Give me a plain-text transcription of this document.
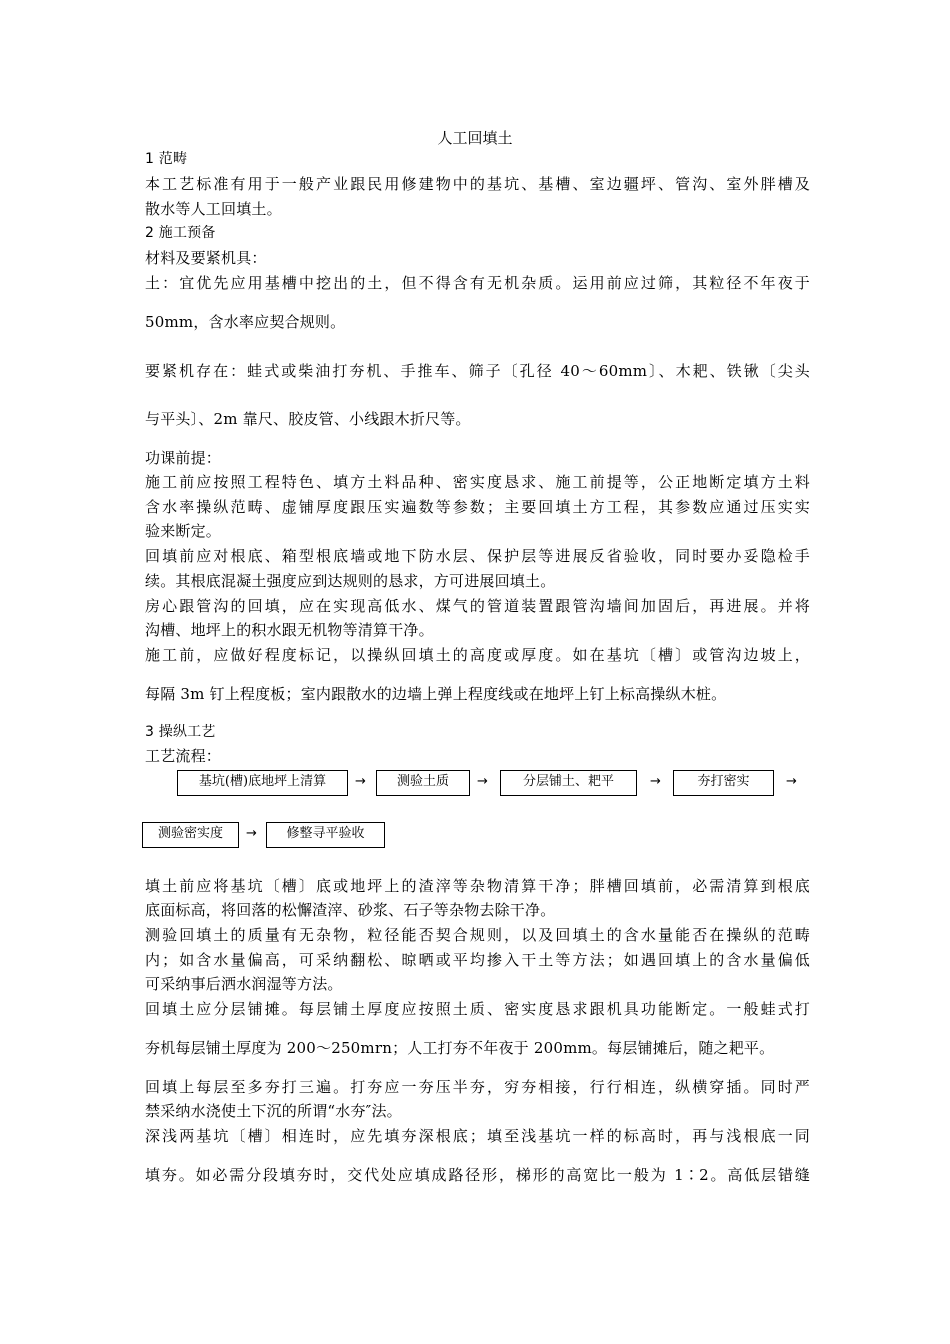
人工回填土
1 范畴
本工艺标准有用于一般产业跟民用修建物中的基坑、基槽、室边疆坪、管沟、室外胖槽及
散水等人工回填土。
2 施工预备
材料及要紧机具：
土：宜优先应用基槽中挖出的土，但不得含有无机杂质。运用前应过筛，其粒径不年夜于
50mm，含水率应契合规则。
要紧机存在：蛙式或柴油打夯机、手推车、筛子〔孔径 40～60mm〕、木耙、铁锹〔尖头
与平头〕、2m 靠尺、胶皮管、小线跟木折尺等。
功课前提：
施工前应按照工程特色、填方土料品种、密实度恳求、施工前提等，公正地断定填方土料
含水率操纵范畴、虚铺厚度跟压实遍数等参数；主要回填土方工程，其参数应通过压实实
验来断定。
回填前应对根底、箱型根底墙或地下防水层、保护层等进展反省验收，同时要办妥隐检手
续。其根底混凝土强度应到达规则的恳求，方可进展回填土。
房心跟管沟的回填，应在实现高低水、煤气的管道装置跟管沟墙间加固后，再进展。并将
沟槽、地坪上的积水跟无机物等清算干净。
施工前，应做好程度标记，以操纵回填土的高度或厚度。如在基坑〔槽〕或管沟边坡上，
每隔 3m 钉上程度板；室内跟散水的边墙上弹上程度线或在地坪上钉上标高操纵木桩。
3 操纵工艺
工艺流程：
基坑(槽)底地坪上清算	→	测验土质	→	分层铺土、耙平	→	夯打密实	→
测验密实度	→	修整寻平验收
填土前应将基坑〔槽〕底或地坪上的渣滓等杂物清算干净；胖槽回填前，必需清算到根底
底面标高，将回落的松懈渣滓、砂浆、石子等杂物去除干净。
测验回填土的质量有无杂物，粒径能否契合规则，以及回填土的含水量能否在操纵的范畴
内；如含水量偏高，可采纳翻松、晾晒或平均掺入干土等方法；如遇回填上的含水量偏低
可采纳事后洒水润湿等方法。
回填土应分层铺摊。每层铺土厚度应按照土质、密实度恳求跟机具功能断定。一般蛙式打
夯机每层铺土厚度为 200～250mrn；人工打夯不年夜于 200mm。每层铺摊后，随之耙平。
回填上每层至多夯打三遍。打夯应一夯压半夯，穷夯相接，行行相连，纵横穿插。同时严
禁采纳水浇使土下沉的所谓“水夯″法。
深浅两基坑〔槽〕相连时，应先填夯深根底；填至浅基坑一样的标高时，再与浅根底一同
填夯。如必需分段填夯时，交代处应填成路径形，梯形的高宽比一般为 1∶2。高低层错缝
